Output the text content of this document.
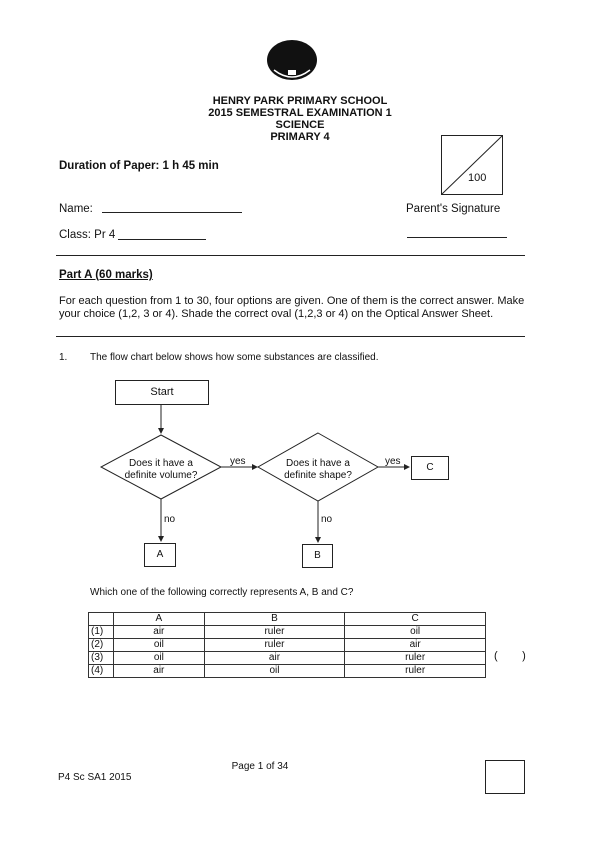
HENRY PARK PRIMARY SCHOOL
2015 SEMESTRAL EXAMINATION 1
SCIENCE
PRIMARY 4
Duration of Paper: 1 h 45 min
100
Name:	Parent's Signature
Class: Pr 4
Part A (60 marks)
For each question from 1 to 30, four options are given. One of them is the correct answer. Make your choice (1,2, 3 or 4). Shade the correct oval (1,2,3 or 4) on the Optical Answer Sheet.
1. The flow chart below shows how some substances are classified.
Start
Does it have a
definite volume?
Does it have a
definite shape?
yes	yes
no	no
C
A	B
Which one of the following correctly represents A, B and C?
	A	B	C
(1)	air	ruler	oil
(2)	oil	ruler	air
(3)	oil	air	ruler
(4)	air	oil	ruler
(        )
Page 1 of 34
P4 Sc SA1 2015
